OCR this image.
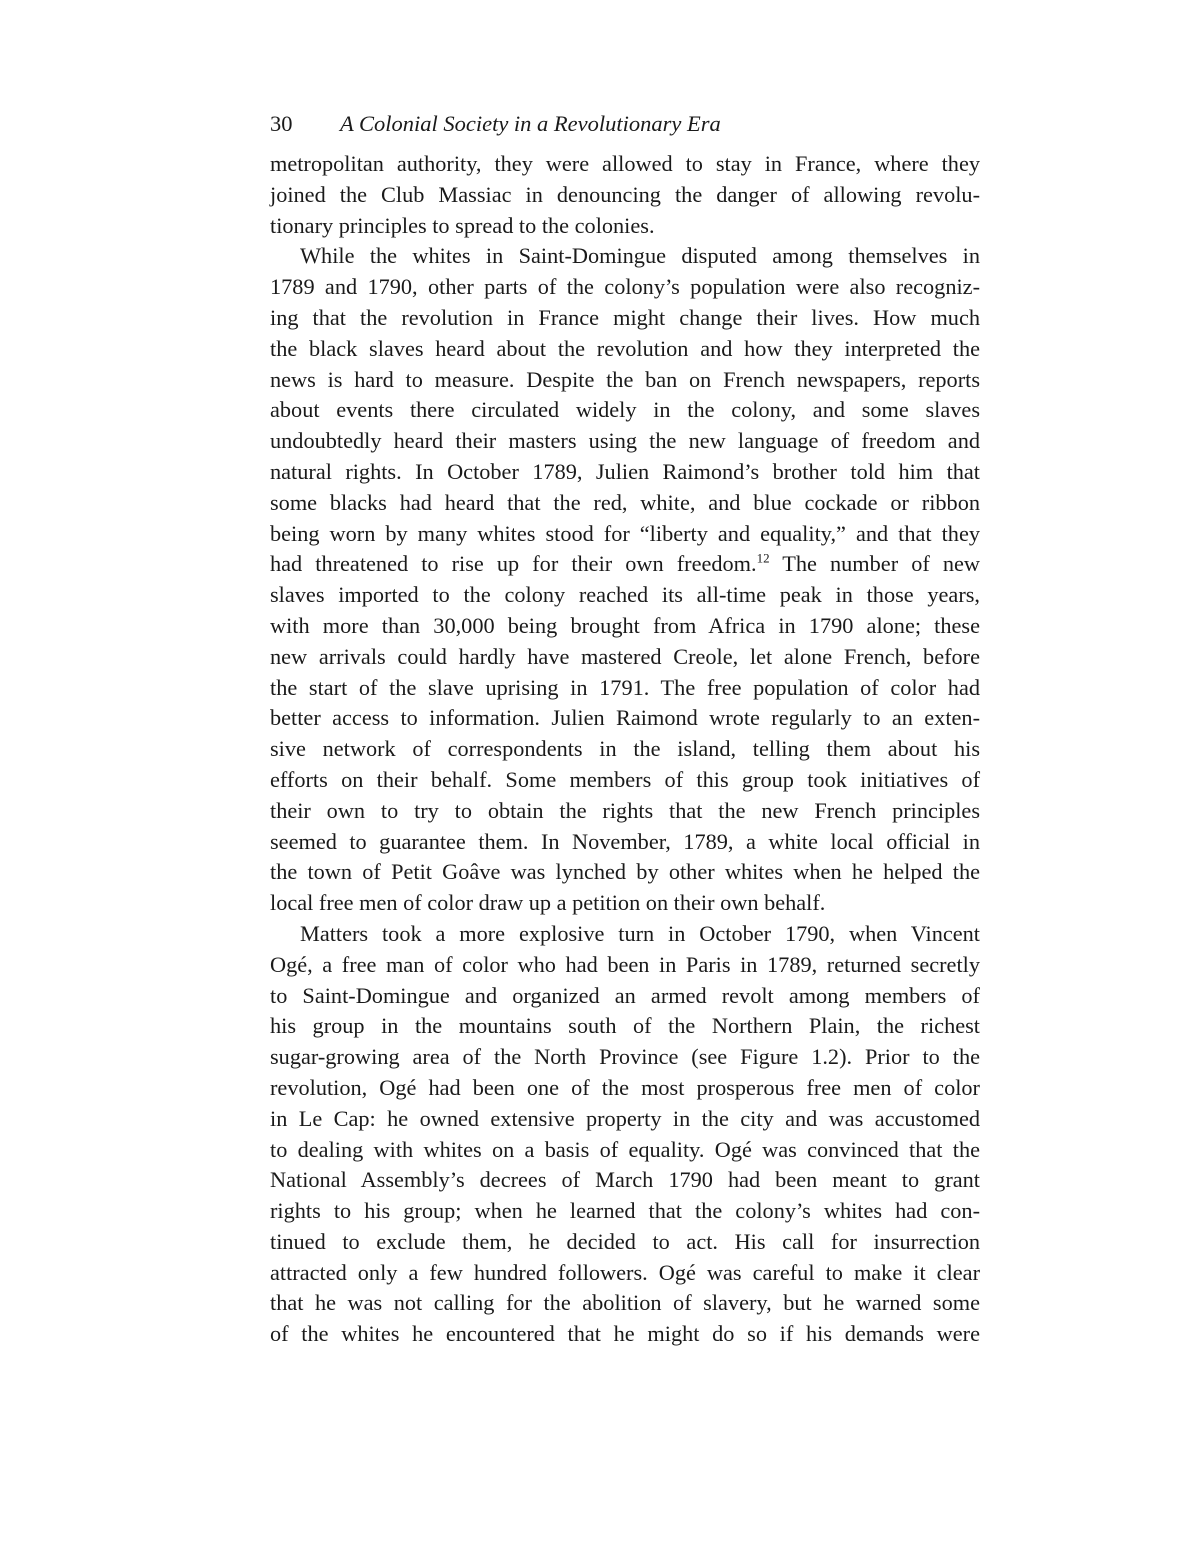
30 A Colonial Society in a Revolutionary Era
metropolitan authority, they were allowed to stay in France, where they
joined the Club Massiac in denouncing the danger of allowing revolu-
tionary principles to spread to the colonies.
While the whites in Saint-Domingue disputed among themselves in
1789 and 1790, other parts of the colony’s population were also recogniz-
ing that the revolution in France might change their lives. How much
the black slaves heard about the revolution and how they interpreted the
news is hard to measure. Despite the ban on French newspapers, reports
about events there circulated widely in the colony, and some slaves
undoubtedly heard their masters using the new language of freedom and
natural rights. In October 1789, Julien Raimond’s brother told him that
some blacks had heard that the red, white, and blue cockade or ribbon
being worn by many whites stood for “liberty and equality,” and that they
had threatened to rise up for their own freedom.$^{12}$ The number of new
slaves imported to the colony reached its all-time peak in those years,
with more than 30,000 being brought from Africa in 1790 alone; these
new arrivals could hardly have mastered Creole, let alone French, before
the start of the slave uprising in 1791. The free population of color had
better access to information. Julien Raimond wrote regularly to an exten-
sive network of correspondents in the island, telling them about his
efforts on their behalf. Some members of this group took initiatives of
their own to try to obtain the rights that the new French principles
seemed to guarantee them. In November, 1789, a white local official in
the town of Petit Goâve was lynched by other whites when he helped the
local free men of color draw up a petition on their own behalf.
Matters took a more explosive turn in October 1790, when Vincent
Ogé, a free man of color who had been in Paris in 1789, returned secretly
to Saint-Domingue and organized an armed revolt among members of
his group in the mountains south of the Northern Plain, the richest
sugar-growing area of the North Province (see Figure 1.2). Prior to the
revolution, Ogé had been one of the most prosperous free men of color
in Le Cap: he owned extensive property in the city and was accustomed
to dealing with whites on a basis of equality. Ogé was convinced that the
National Assembly’s decrees of March 1790 had been meant to grant
rights to his group; when he learned that the colony’s whites had con-
tinued to exclude them, he decided to act. His call for insurrection
attracted only a few hundred followers. Ogé was careful to make it clear
that he was not calling for the abolition of slavery, but he warned some
of the whites he encountered that he might do so if his demands were
